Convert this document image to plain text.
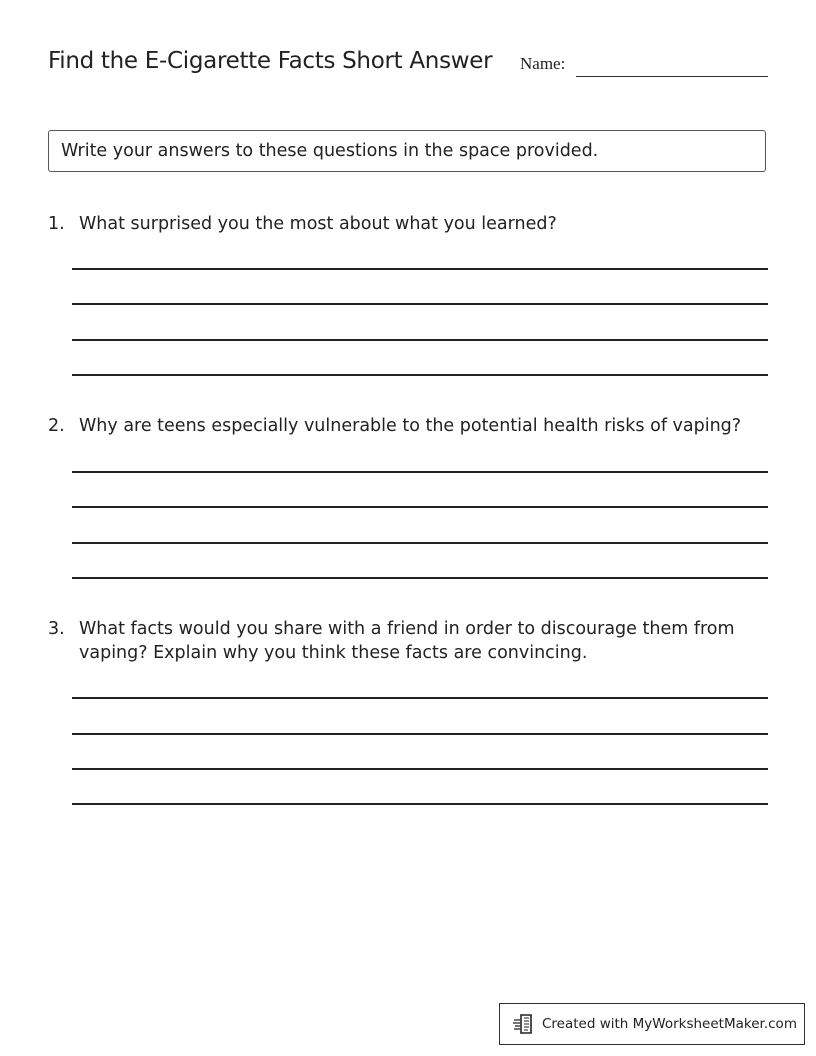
Find the E-Cigarette Facts Short Answer Name:
Write your answers to these questions in the space provided.
1. What surprised you the most about what you learned?
2. Why are teens especially vulnerable to the potential health risks of vaping?
3. What facts would you share with a friend in order to discourage them from vaping? Explain why you think these facts are convincing.
Created with MyWorksheetMaker.com
